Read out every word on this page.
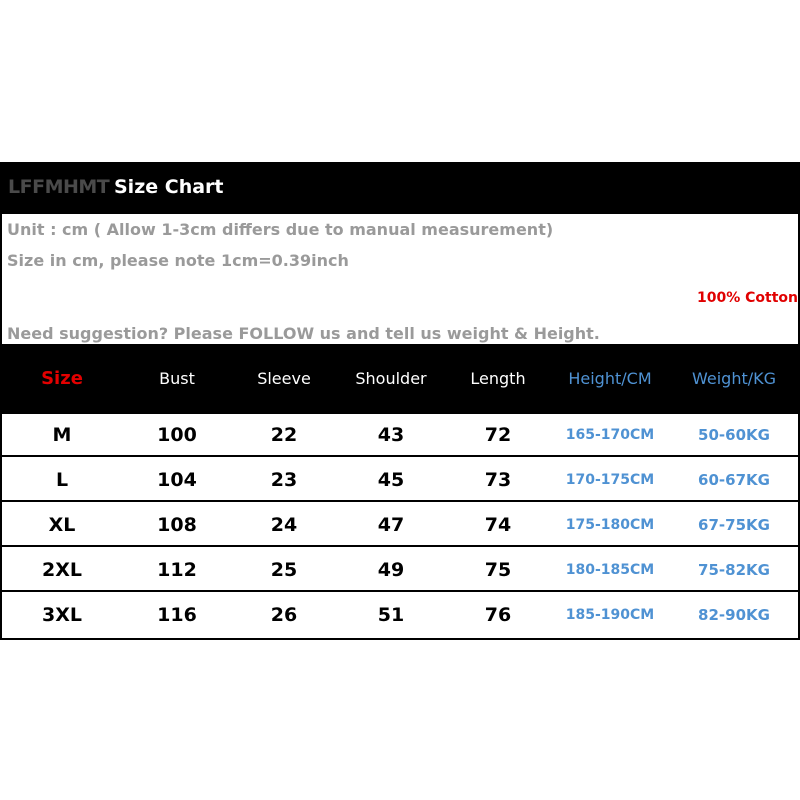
LFFMHMT Size Chart
Unit : cm ( Allow 1-3cm differs due to manual measurement)
Size in cm, please note 1cm=0.39inch
100% Cotton
Need suggestion? Please FOLLOW us and tell us weight & Height.
Size	Bust	Sleeve	Shoulder	Length	Height/CM	Weight/KG
M	100	22	43	72	165-170CM	50-60KG
L	104	23	45	73	170-175CM	60-67KG
XL	108	24	47	74	175-180CM	67-75KG
2XL	112	25	49	75	180-185CM	75-82KG
3XL	116	26	51	76	185-190CM	82-90KG
